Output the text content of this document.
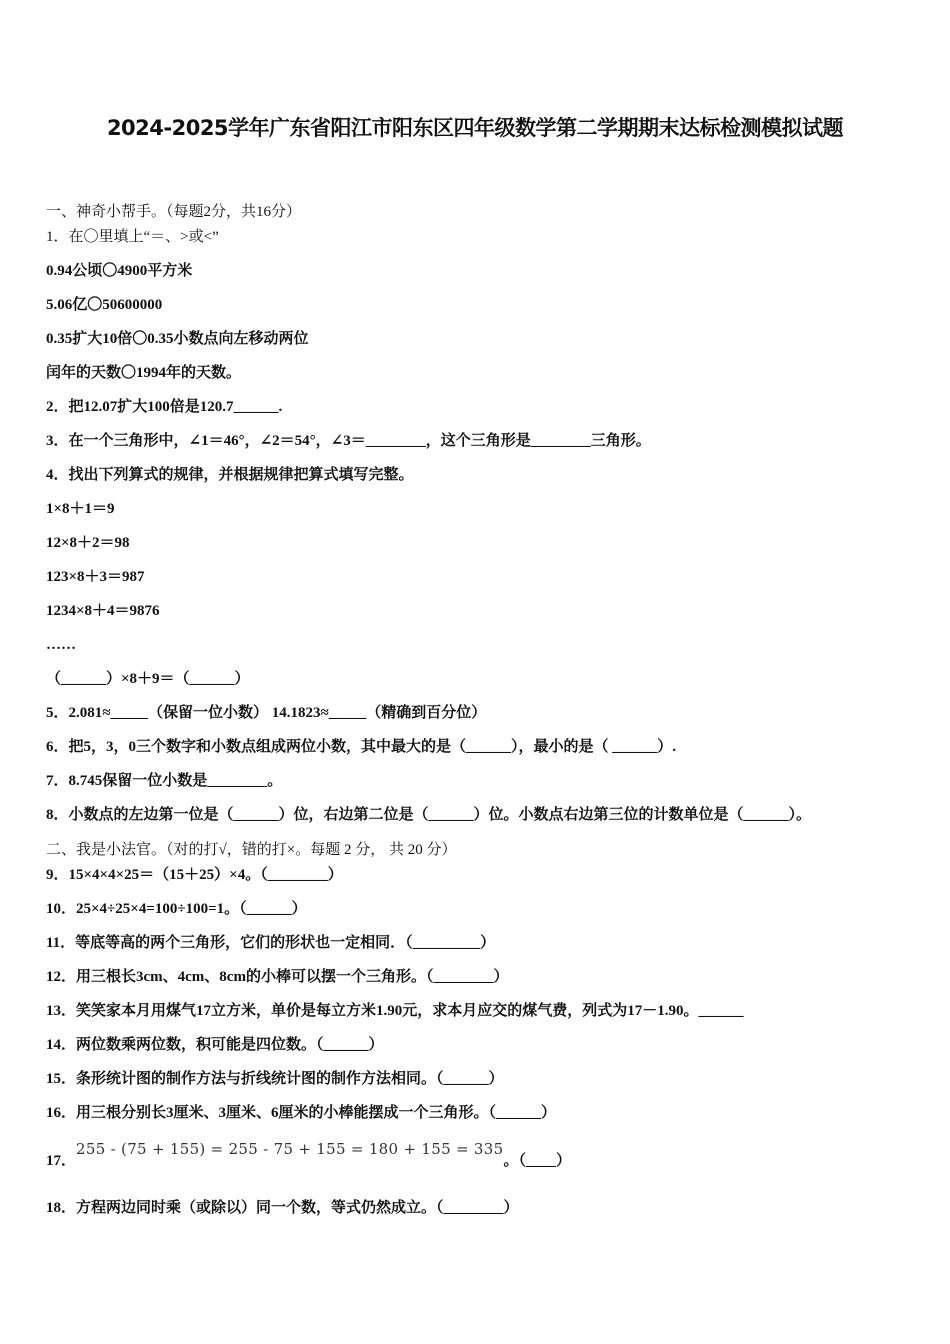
2024-2025学年广东省阳江市阳东区四年级数学第二学期期末达标检测模拟试题
一、神奇小帮手。（每题2分，共16分）
1．在〇里填上“＝、>或<”
0.94公顷〇4900平方米
5.06亿〇50600000
0.35扩大10倍〇0.35小数点向左移动两位
闰年的天数〇1994年的天数。
2．把12.07扩大100倍是120.7______.
3．在一个三角形中，∠1＝46°，∠2＝54°，∠3＝________，这个三角形是________三角形。
4．找出下列算式的规律，并根据规律把算式填写完整。
1×8＋1＝9
12×8＋2＝98
123×8＋3＝987
1234×8＋4＝9876
……
（______）×8＋9＝（______）
5．2.081≈_____（保留一位小数） 14.1823≈_____（精确到百分位）
6．把5，3，0三个数字和小数点组成两位小数，其中最大的是（______），最小的是（ ______）.
7．8.745保留一位小数是________。
8．小数点的左边第一位是（______）位，右边第二位是（______）位。小数点右边第三位的计数单位是（______）。
二、我是小法官。（对的打√，错的打×。每题 2 分， 共 20 分）
9．15×4×4×25＝（15＋25）×4。（________）
10．25×4÷25×4=100÷100=1。（______）
11．等底等高的两个三角形，它们的形状也一定相同．（_________）
12．用三根长3cm、4cm、8cm的小棒可以摆一个三角形。（________）
13．笑笑家本月用煤气17立方米，单价是每立方米1.90元，求本月应交的煤气费，列式为17－1.90。______
14．两位数乘两位数，积可能是四位数。（______）
15．条形统计图的制作方法与折线统计图的制作方法相同。（______）
16．用三根分别长3厘米、3厘米、6厘米的小棒能摆成一个三角形。（______）
17．255 - (75 + 155) = 255 - 75 + 155 = 180 + 155 = 335。（____）
18．方程两边同时乘（或除以）同一个数，等式仍然成立。（________）
